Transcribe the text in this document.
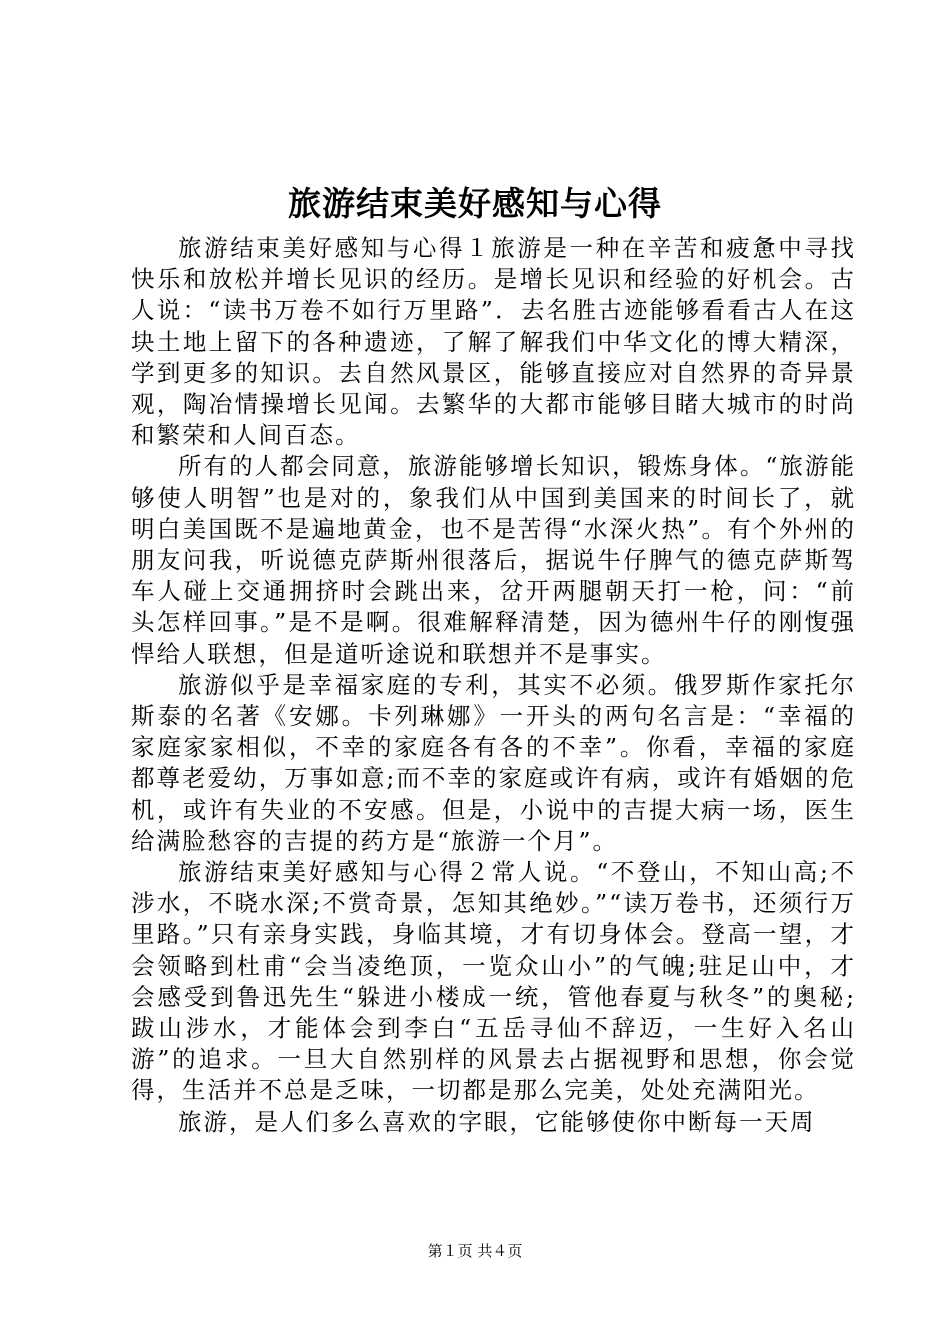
旅游结束美好感知与心得

旅游结束美好感知与心得１旅游是一种在辛苦和疲惫中寻找快乐和放松并增长见识的经历。是增长见识和经验的好机会。古人说：“读书万卷不如行万里路”．去名胜古迹能够看看古人在这块土地上留下的各种遗迹，了解了解我们中华文化的博大精深，学到更多的知识。去自然风景区，能够直接应对自然界的奇异景观，陶冶情操增长见闻。去繁华的大都市能够目睹大城市的时尚和繁荣和人间百态。

所有的人都会同意，旅游能够增长知识，锻炼身体。“旅游能够使人明智”也是对的，象我们从中国到美国来的时间长了，就明白美国既不是遍地黄金，也不是苦得“水深火热”。有个外州的朋友问我，听说德克萨斯州很落后，据说牛仔脾气的德克萨斯驾车人碰上交通拥挤时会跳出来，岔开两腿朝天打一枪，问：“前头怎样回事。”是不是啊。很难解释清楚，因为德州牛仔的刚愎强悍给人联想，但是道听途说和联想并不是事实。

旅游似乎是幸福家庭的专利，其实不必须。俄罗斯作家托尔斯泰的名著《安娜。卡列琳娜》一开头的两句名言是：“幸福的家庭家家相似，不幸的家庭各有各的不幸”。你看，幸福的家庭都尊老爱幼，万事如意;而不幸的家庭或许有病，或许有婚姻的危机，或许有失业的不安感。但是，小说中的吉提大病一场，医生给满脸愁容的吉提的药方是“旅游一个月”。

旅游结束美好感知与心得２常人说。“不登山，不知山高;不涉水，不晓水深;不赏奇景，怎知其绝妙。”“读万卷书，还须行万里路。”只有亲身实践，身临其境，才有切身体会。登高一望，才会领略到杜甫“会当凌绝顶，一览众山小”的气魄;驻足山中，才会感受到鲁迅先生“躲进小楼成一统，管他春夏与秋冬”的奥秘;跋山涉水，才能体会到李白“五岳寻仙不辞迈，一生好入名山游”的追求。一旦大自然别样的风景去占据视野和思想，你会觉得，生活并不总是乏味，一切都是那么完美，处处充满阳光。

旅游，是人们多么喜欢的字眼，它能够使你中断每一天周

第１页 共４页
